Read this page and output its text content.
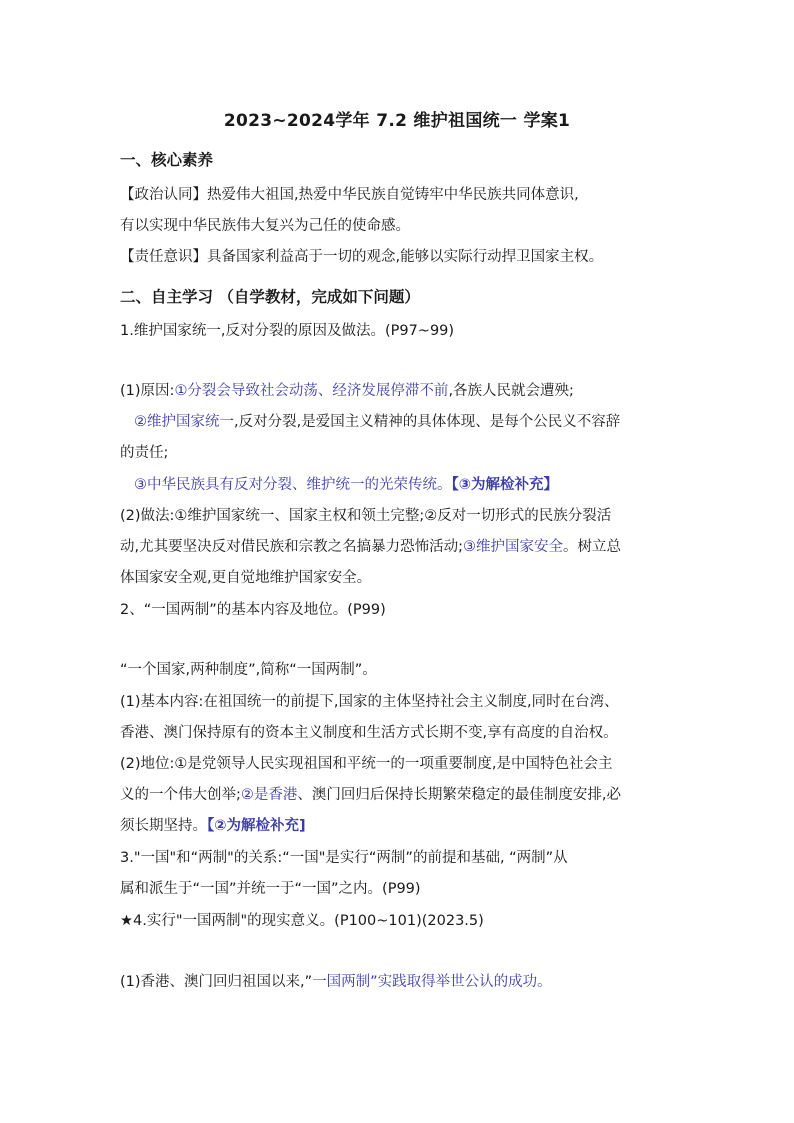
2023~2024学年 7.2 维护祖国统一 学案1
一、核心素养
【政治认同】热爱伟大祖国,热爱中华民族自觉铸牢中华民族共同体意识,
有以实现中华民族伟大复兴为己任的使命感。
【责任意识】具备国家利益高于一切的观念,能够以实际行动捍卫国家主权。
二、自主学习 （自学教材，完成如下问题）
1.维护国家统一,反对分裂的原因及做法。(P97~99)
(1)原因:①分裂会导致社会动荡、经济发展停滞不前,各族人民就会遭殃;
②维护国家统一,反对分裂,是爱国主义精神的具体体现、是每个公民义不容辞
的责任;
③中华民族具有反对分裂、维护统一的光荣传统。【③为解检补充】
(2)做法:①维护国家统一、国家主权和领土完整;②反对一切形式的民族分裂活
动,尤其要坚决反对借民族和宗教之名搞暴力恐怖活动;③维护国家安全。树立总
体国家安全观,更自觉地维护国家安全。
2、“一国两制”的基本内容及地位。(P99)
“一个国家,两种制度”,简称“一国两制”。
(1)基本内容:在祖国统一的前提下,国家的主体坚持社会主义制度,同时在台湾、
香港、澳门保持原有的资本主义制度和生活方式长期不变,享有高度的自治权。
(2)地位:①是党领导人民实现祖国和平统一的一项重要制度,是中国特色社会主
义的一个伟大创举;②是香港、澳门回归后保持长期繁荣稳定的最佳制度安排,必
须长期坚持。【②为解检补充]
3."一国"和“两制"的关系:“一国"是实行“两制”的前提和基础, “两制”从
属和派生于“一国”并统一于“一国”之内。(P99)
★4.实行"一国两制"的现实意义。(P100~101)(2023.5)
(1)香港、澳门回归祖国以来,”一国两制”实践取得举世公认的成功。
